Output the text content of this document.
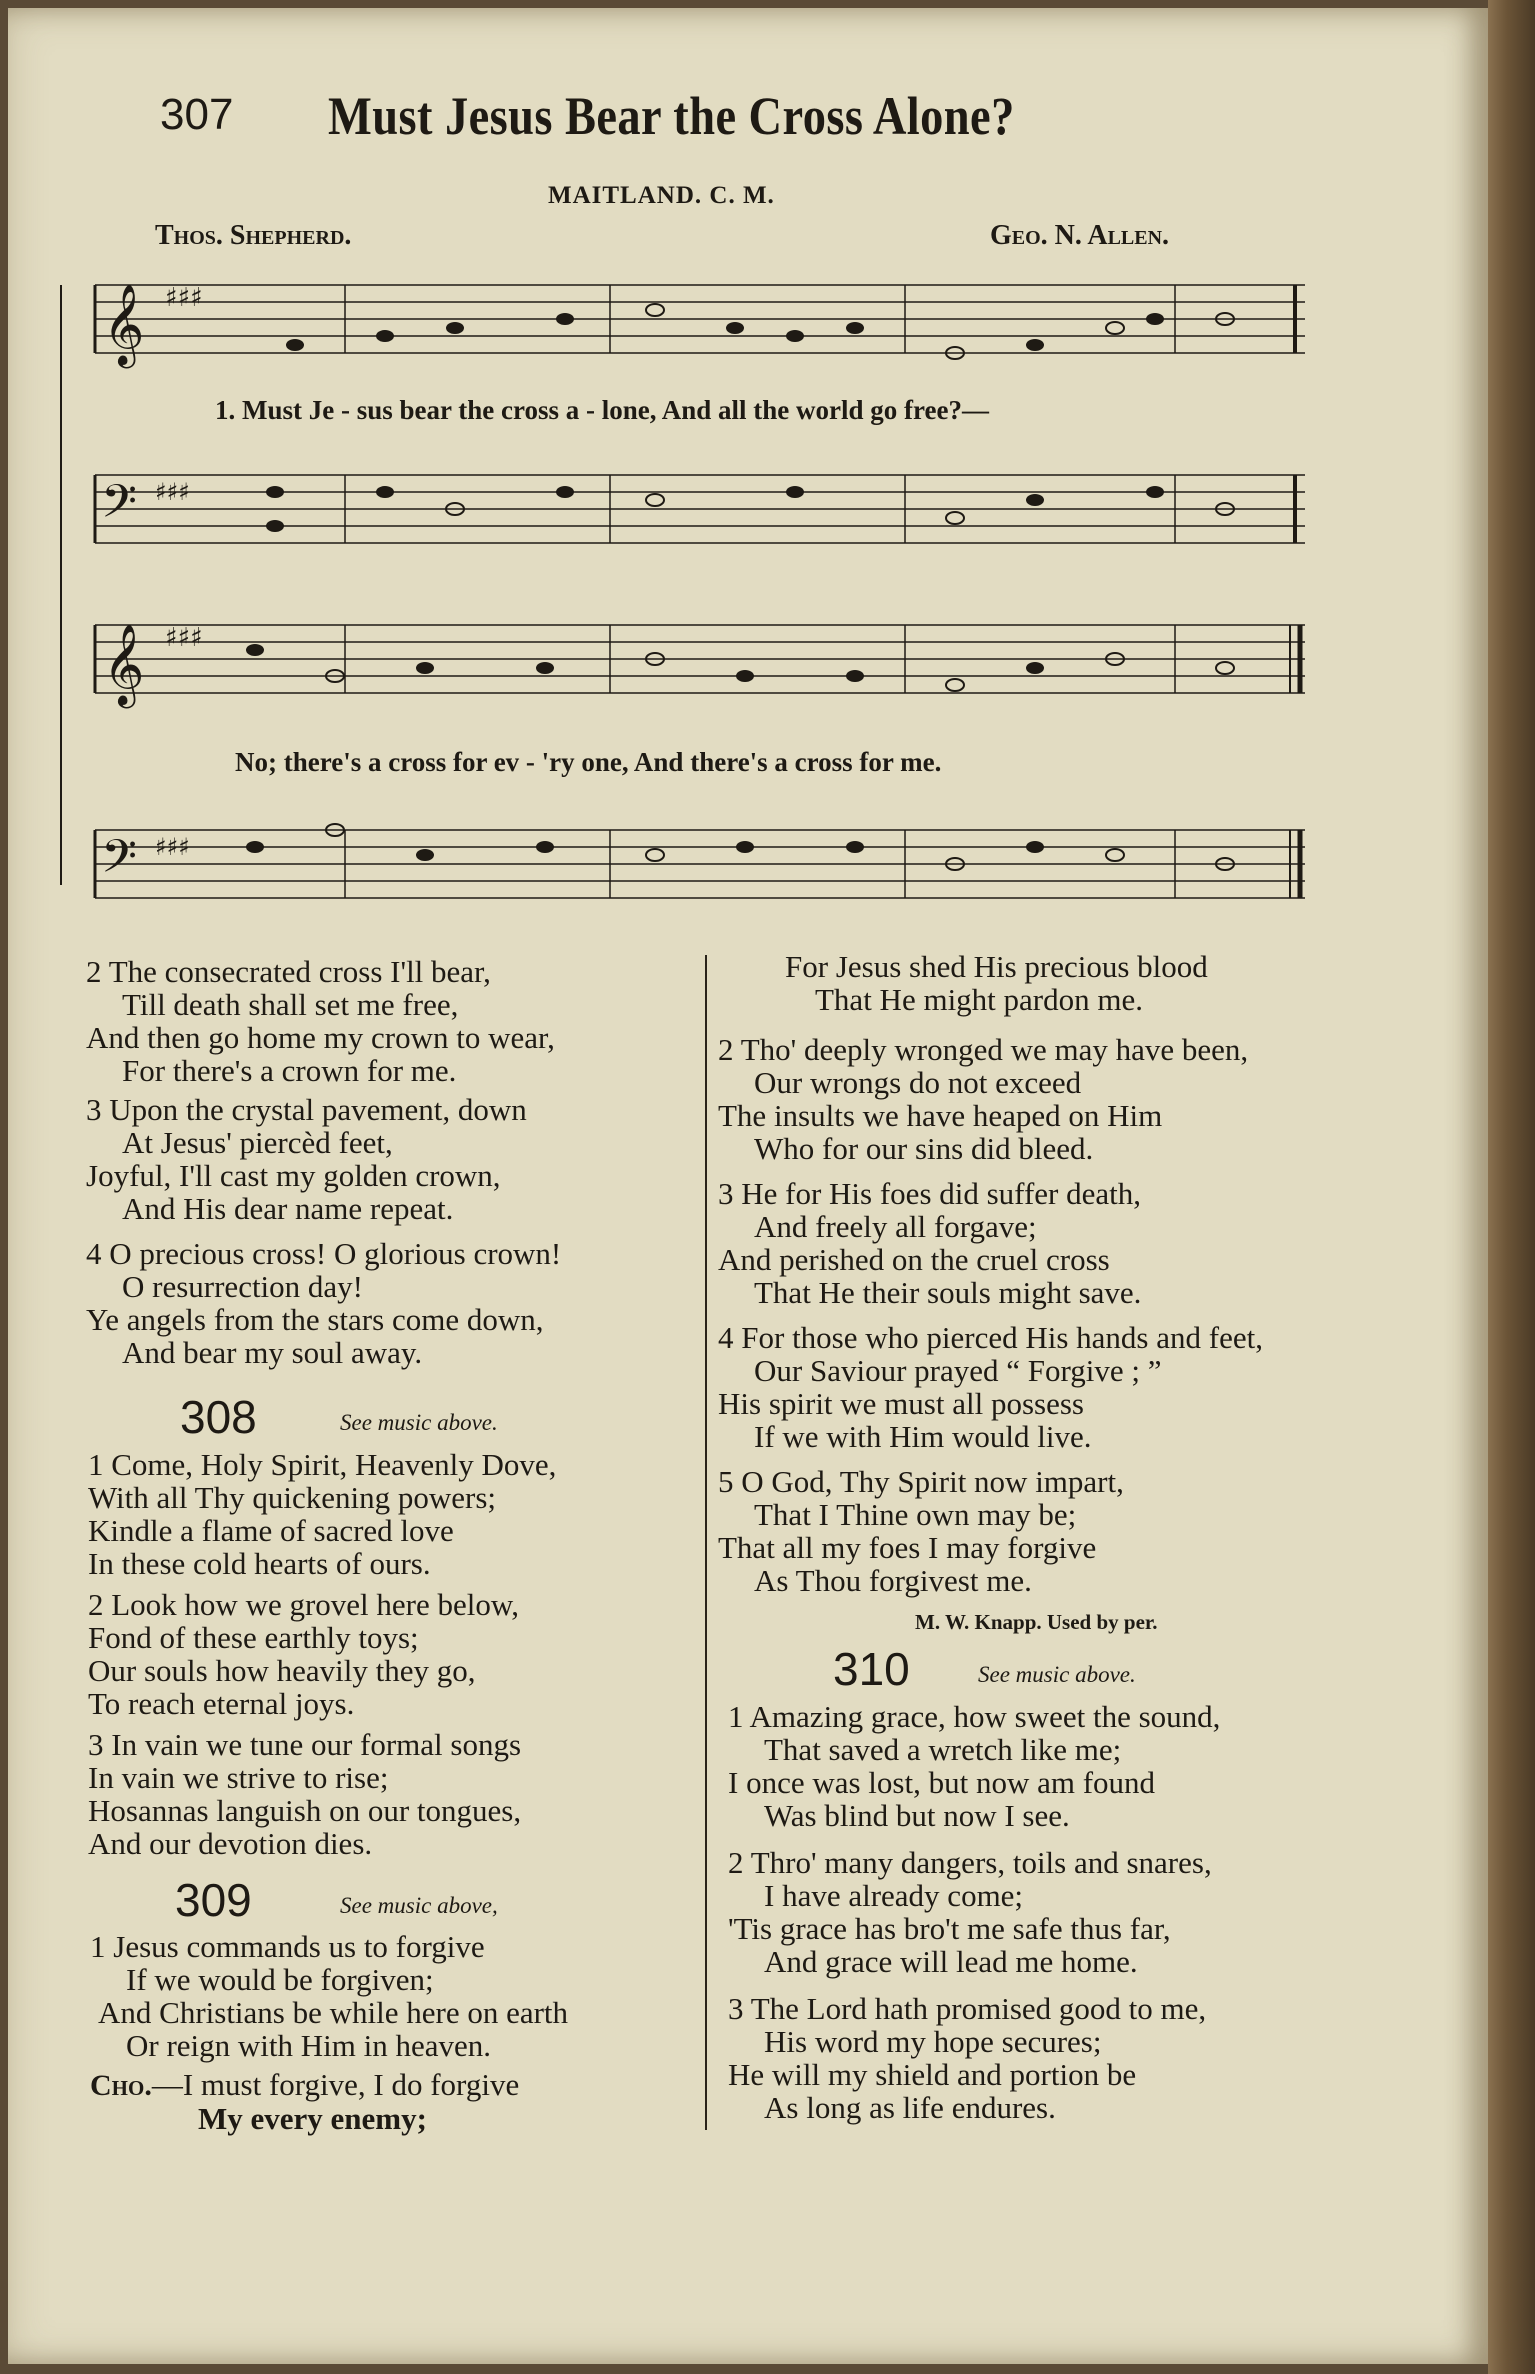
307 Must Jesus Bear the Cross Alone?
MAITLAND. C. M.
Thos. Shepherd.	Geo. N. Allen.
𝄞 ♯♯♯
1. Must Je - sus bear the cross a - lone, And all the world go free?—
𝄢 ♯♯♯
𝄞 ♯♯♯
No; there's a cross for ev - 'ry one, And there's a cross for me.
𝄢 ♯♯♯
2 The consecrated cross I'll bear,
Till death shall set me free,
And then go home my crown to wear,
For there's a crown for me.
3 Upon the crystal pavement, down
At Jesus' piercèd feet,
Joyful, I'll cast my golden crown,
And His dear name repeat.
4 O precious cross! O glorious crown!
O resurrection day!
Ye angels from the stars come down,
And bear my soul away.
308	See music above.
1 Come, Holy Spirit, Heavenly Dove,
With all Thy quickening powers;
Kindle a flame of sacred love
In these cold hearts of ours.
2 Look how we grovel here below,
Fond of these earthly toys;
Our souls how heavily they go,
To reach eternal joys.
3 In vain we tune our formal songs
In vain we strive to rise;
Hosannas languish on our tongues,
And our devotion dies.
309	See music above,
1 Jesus commands us to forgive
If we would be forgiven;
And Christians be while here on earth
Or reign with Him in heaven.
Cho.—I must forgive, I do forgive
My every enemy;
For Jesus shed His precious blood
That He might pardon me.
2 Tho' deeply wronged we may have been,
Our wrongs do not exceed
The insults we have heaped on Him
Who for our sins did bleed.
3 He for His foes did suffer death,
And freely all forgave;
And perished on the cruel cross
That He their souls might save.
4 For those who pierced His hands and feet,
Our Saviour prayed “ Forgive ; ”
His spirit we must all possess
If we with Him would live.
5 O God, Thy Spirit now impart,
That I Thine own may be;
That all my foes I may forgive
As Thou forgivest me.
M. W. Knapp. Used by per.
310	See music above.
1 Amazing grace, how sweet the sound,
That saved a wretch like me;
I once was lost, but now am found
Was blind but now I see.
2 Thro' many dangers, toils and snares,
I have already come;
'Tis grace has bro't me safe thus far,
And grace will lead me home.
3 The Lord hath promised good to me,
His word my hope secures;
He will my shield and portion be
As long as life endures.
